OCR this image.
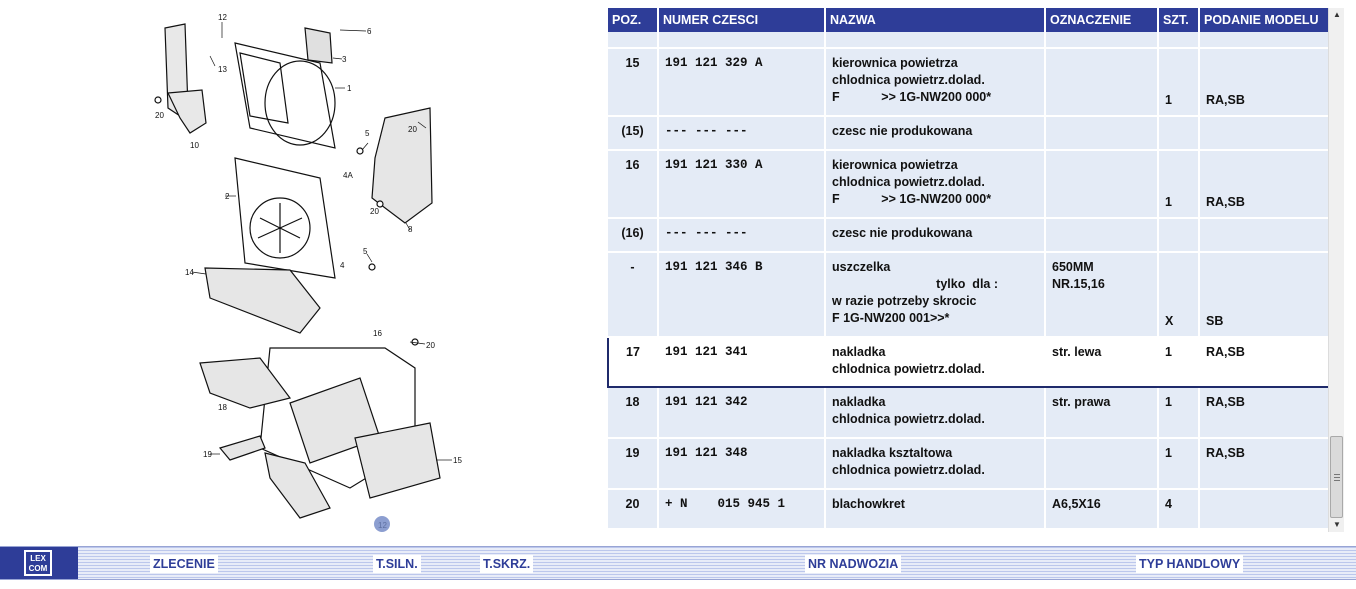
12
6
3
13
1
20
10
5
4A
20
2
8
20
5
4
14
16
20
18
15
19
POZ.	NUMER CZESCI	NAZWA	OZNACZENIE	SZT.	PODANIE MODELU

15	191 121 329 A	kierownica powietrza
chlodnica powietrz.dolad.
F            >> 1G-NW200 000*		1	RA,SB

(15)	--- --- ---	czesc nie produkowana			

16	191 121 330 A	kierownica powietrza
chlodnica powietrz.dolad.
F            >> 1G-NW200 000*		1	RA,SB

(16)	--- --- ---	czesc nie produkowana			

-	191 121 346 B	uszczelka
tylko  dla :
w razie potrzeby skrocic
F 1G-NW200 001>>*	650MM
NR.15,16	X	SB

17	191 121 341	nakladka
chlodnica powietrz.dolad.	str. lewa	1	RA,SB
18	191 121 342	nakladka
chlodnica powietrz.dolad.	str. prawa	1	RA,SB
19	191 121 348	nakladka ksztaltowa
chlodnica powietrz.dolad.		1	RA,SB
20	+ N    015 945 1	blachowkret	A6,5X16	4	
▲
▼
LEX COM	ZLECENIE	T.SILN.	T.SKRZ.	NR NADWOZIA	TYP HANDLOWY
